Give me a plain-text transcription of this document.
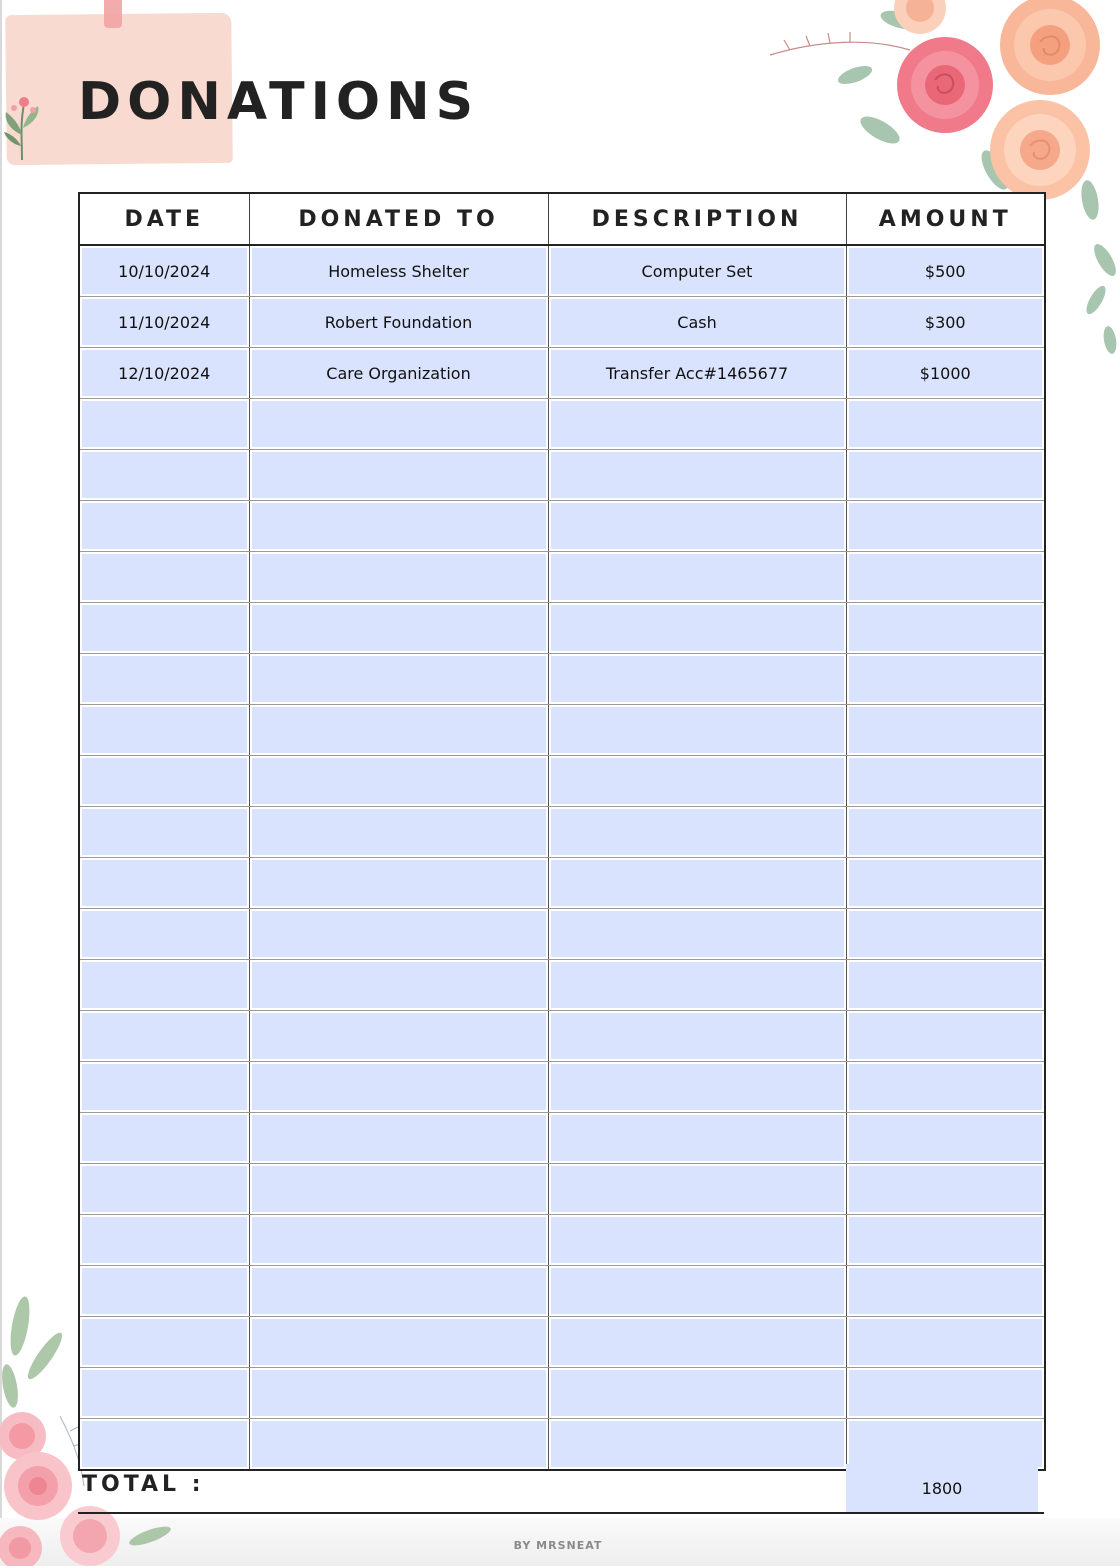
DONATIONS
DATE	DONATED TO	DESCRIPTION	AMOUNT

10/10/2024	Homeless Shelter	Computer Set	$500

11/10/2024	Robert Foundation	Cash	$300

12/10/2024	Care Organization	Transfer Acc#1465677	$1000

TOTAL :	1800
BY MRSNEAT
